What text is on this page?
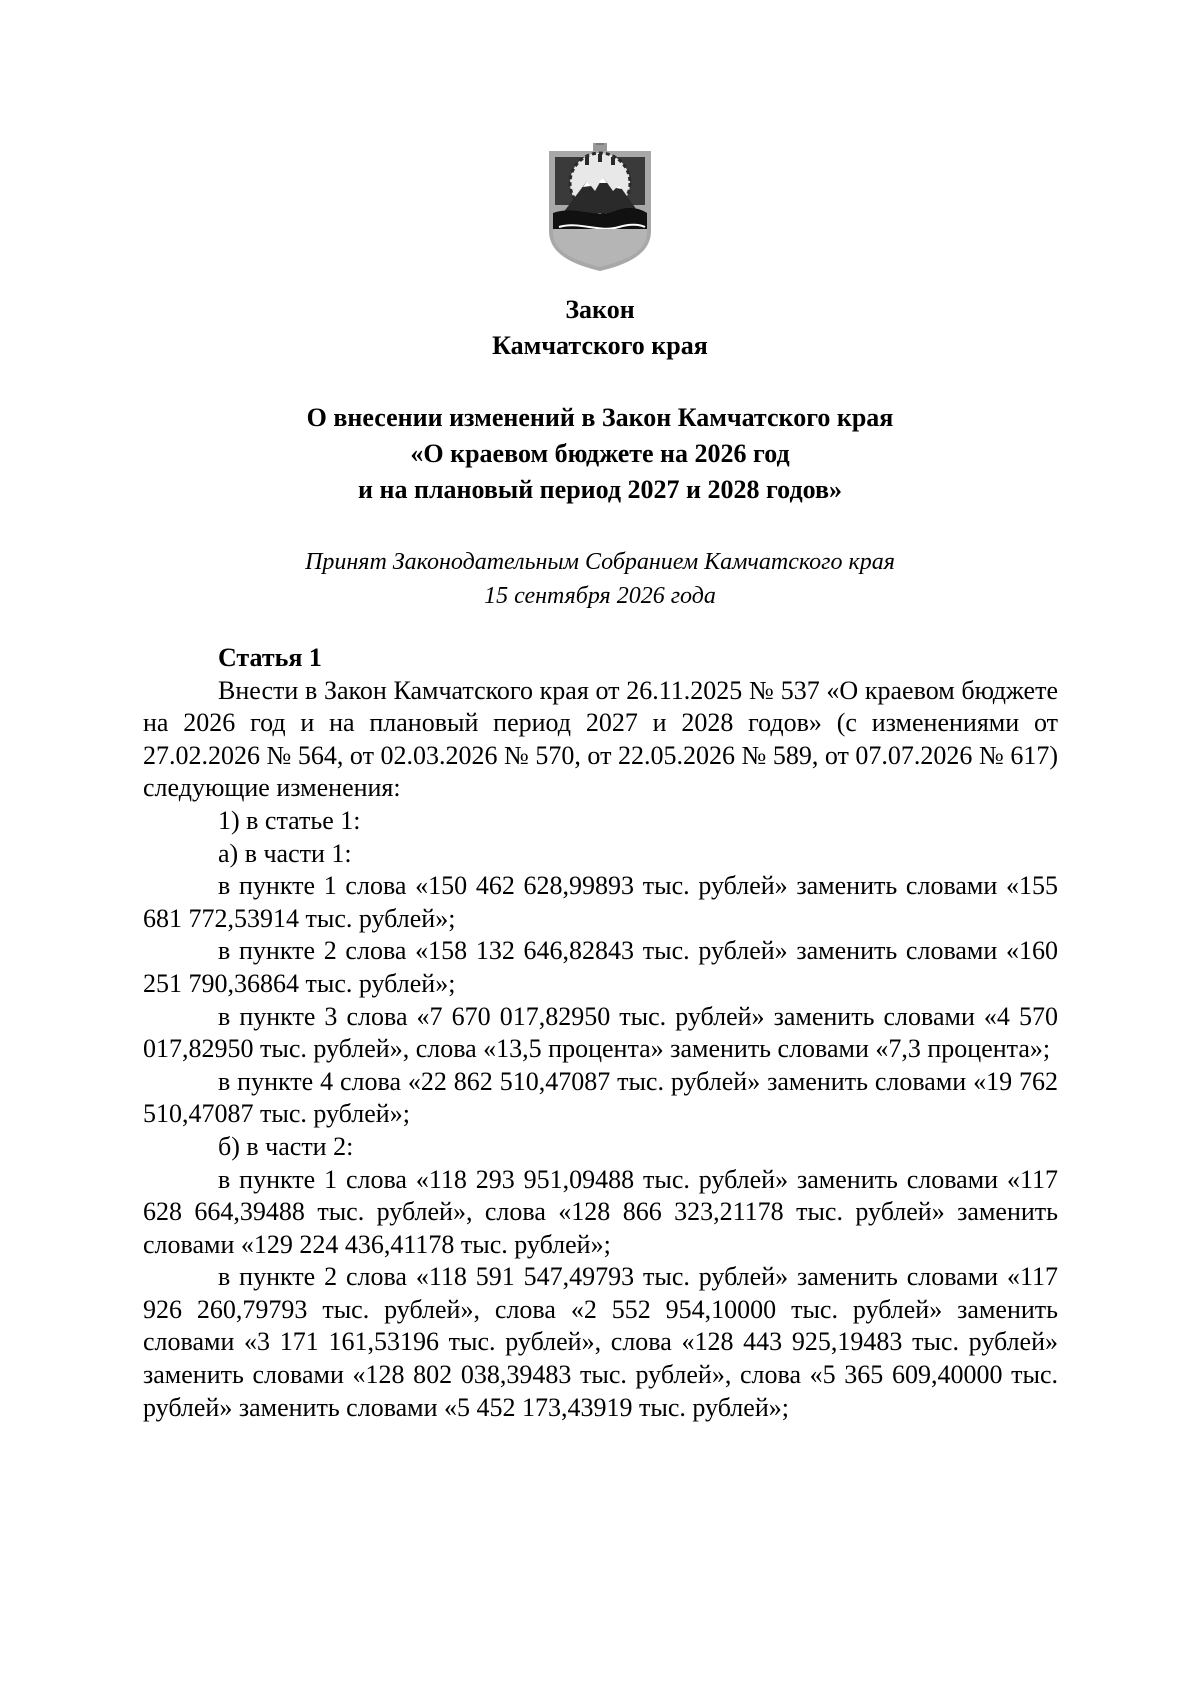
Закон
Камчатского края
О внесении изменений в Закон Камчатского края
«О краевом бюджете на 2026 год
и на плановый период 2027 и 2028 годов»
Принят Законодательным Собранием Камчатского края
15 сентября 2026 года

Статья 1

Внести в Закон Камчатского края от 26.11.2025 № 537 «О краевом бюджете на 2026 год и на плановый период 2027 и 2028 годов» (с изменениями от 27.02.2026 № 564, от 02.03.2026 № 570, от 22.05.2026 № 589, от 07.07.2026 № 617) следующие изменения:

1) в статье 1:

а) в части 1:

в пункте 1 слова «150 462 628,99893 тыс. рублей» заменить словами «155 681 772,53914 тыс. рублей»;

в пункте 2 слова «158 132 646,82843 тыс. рублей» заменить словами «160 251 790,36864 тыс. рублей»;

в пункте 3 слова «7 670 017,82950 тыс. рублей» заменить словами «4 570 017,82950 тыс. рублей», слова «13,5 процента» заменить словами «7,3 процента»;

в пункте 4 слова «22 862 510,47087 тыс. рублей» заменить словами «19 762 510,47087 тыс. рублей»;

б) в части 2:

в пункте 1 слова «118 293 951,09488 тыс. рублей» заменить словами «117 628 664,39488 тыс. рублей», слова «128 866 323,21178 тыс. рублей» заменить словами «129 224 436,41178 тыс. рублей»;

в пункте 2 слова «118 591 547,49793 тыс. рублей» заменить словами «117 926 260,79793 тыс. рублей», слова «2 552 954,10000 тыс. рублей» заменить словами «3 171 161,53196 тыс. рублей», слова «128 443 925,19483 тыс. рублей» заменить словами «128 802 038,39483 тыс. рублей», слова «5 365 609,40000 тыс. рублей» заменить словами «5 452 173,43919 тыс. рублей»;
